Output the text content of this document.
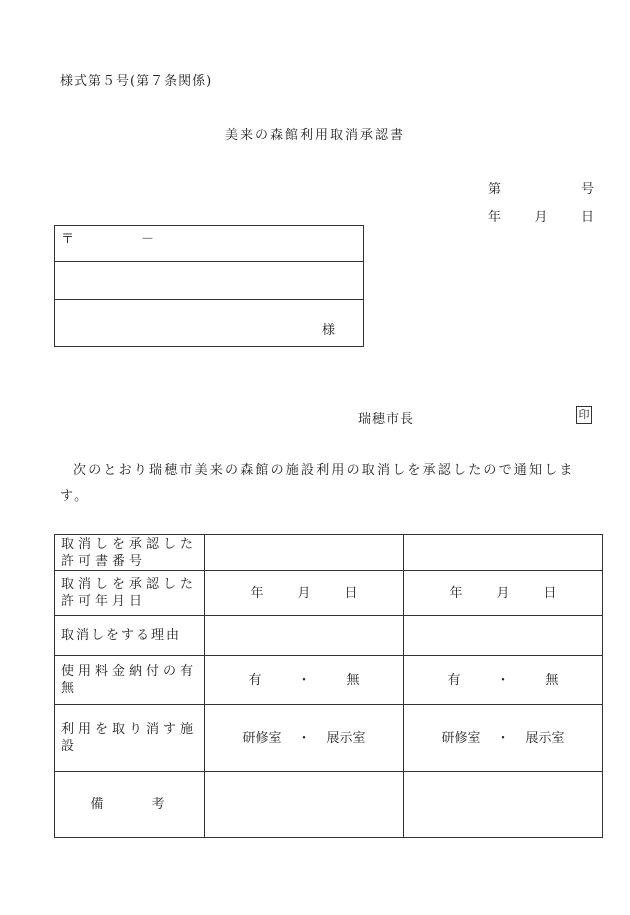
様式第５号(第７条関係)
美来の森館利用取消承認書
第	号
年	月	日
〒	－
様
瑞穂市長	印
次のとおり瑞穂市美来の森館の施設利用の取消しを承認したので通知します。
取消しを承認した許可書番号		
取消しを承認した許可年月日	年 月 日	年 月 日
取消しをする理由		
使用料金納付の有無	有 ・ 無	有 ・ 無
利用を取り消す施設	研修室 ・ 展示室	研修室 ・ 展示室
備 考		
